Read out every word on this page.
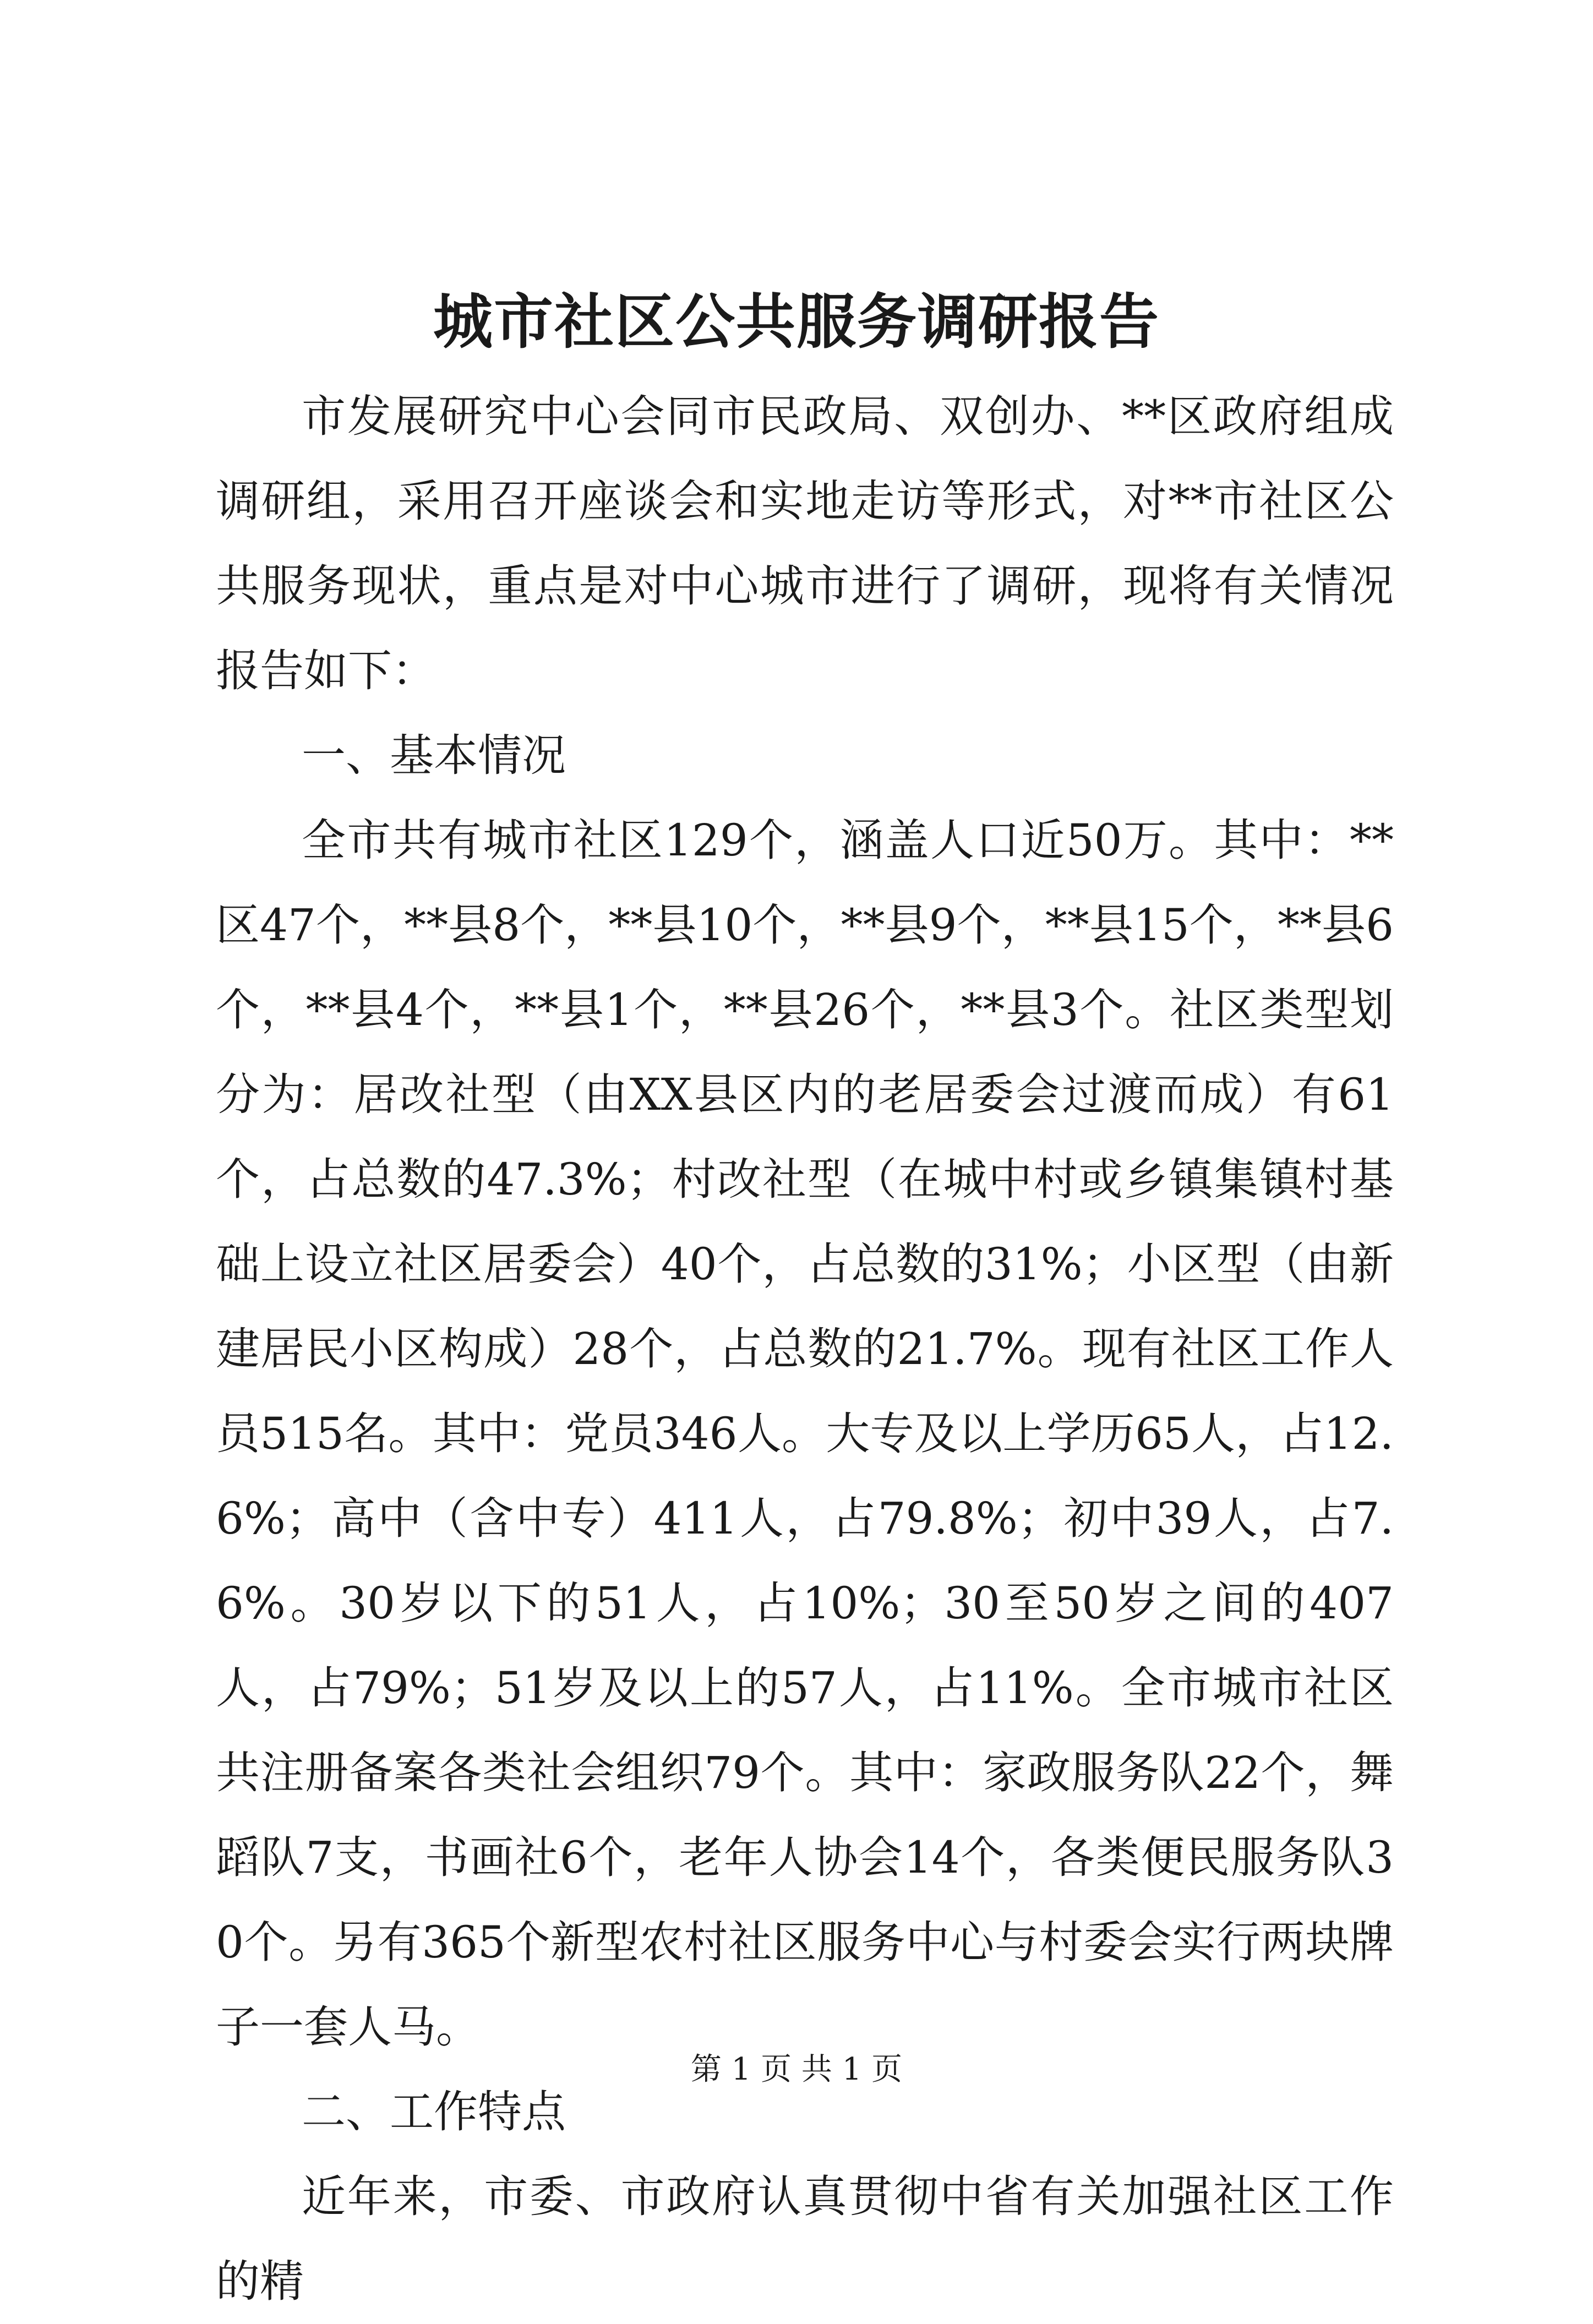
城市社区公共服务调研报告

市发展研究中心会同市民政局、双创办、**区政府组成调研组，采用召开座谈会和实地走访等形式，对**市社区公共服务现状，重点是对中心城市进行了调研，现将有关情况报告如下：

一、基本情况

全市共有城市社区129个，涵盖人口近50万。其中：**区47个，**县8个，**县10个，**县9个，**县15个，**县6个，**县4个，**县1个，**县26个，**县3个。社区类型划分为：居改社型（由XX县区内的老居委会过渡而成）有61个，占总数的47.3%；村改社型（在城中村或乡镇集镇村基础上设立社区居委会）40个，占总数的31%；小区型（由新建居民小区构成）28个，占总数的21.7%。现有社区工作人员515名。其中：党员346人。大专及以上学历65人，占12.6%；高中（含中专）411人，占79.8%；初中39人，占7.6%。30岁以下的51人，占10%；30至50岁之间的407人，占79%；51岁及以上的57人，占11%。全市城市社区共注册备案各类社会组织79个。其中：家政服务队22个，舞蹈队7支，书画社6个，老年人协会14个，各类便民服务队30个。另有365个新型农村社区服务中心与村委会实行两块牌子一套人马。

二、工作特点

近年来，市委、市政府认真贯彻中省有关加强社区工作的精

第 1 页 共 1 页
